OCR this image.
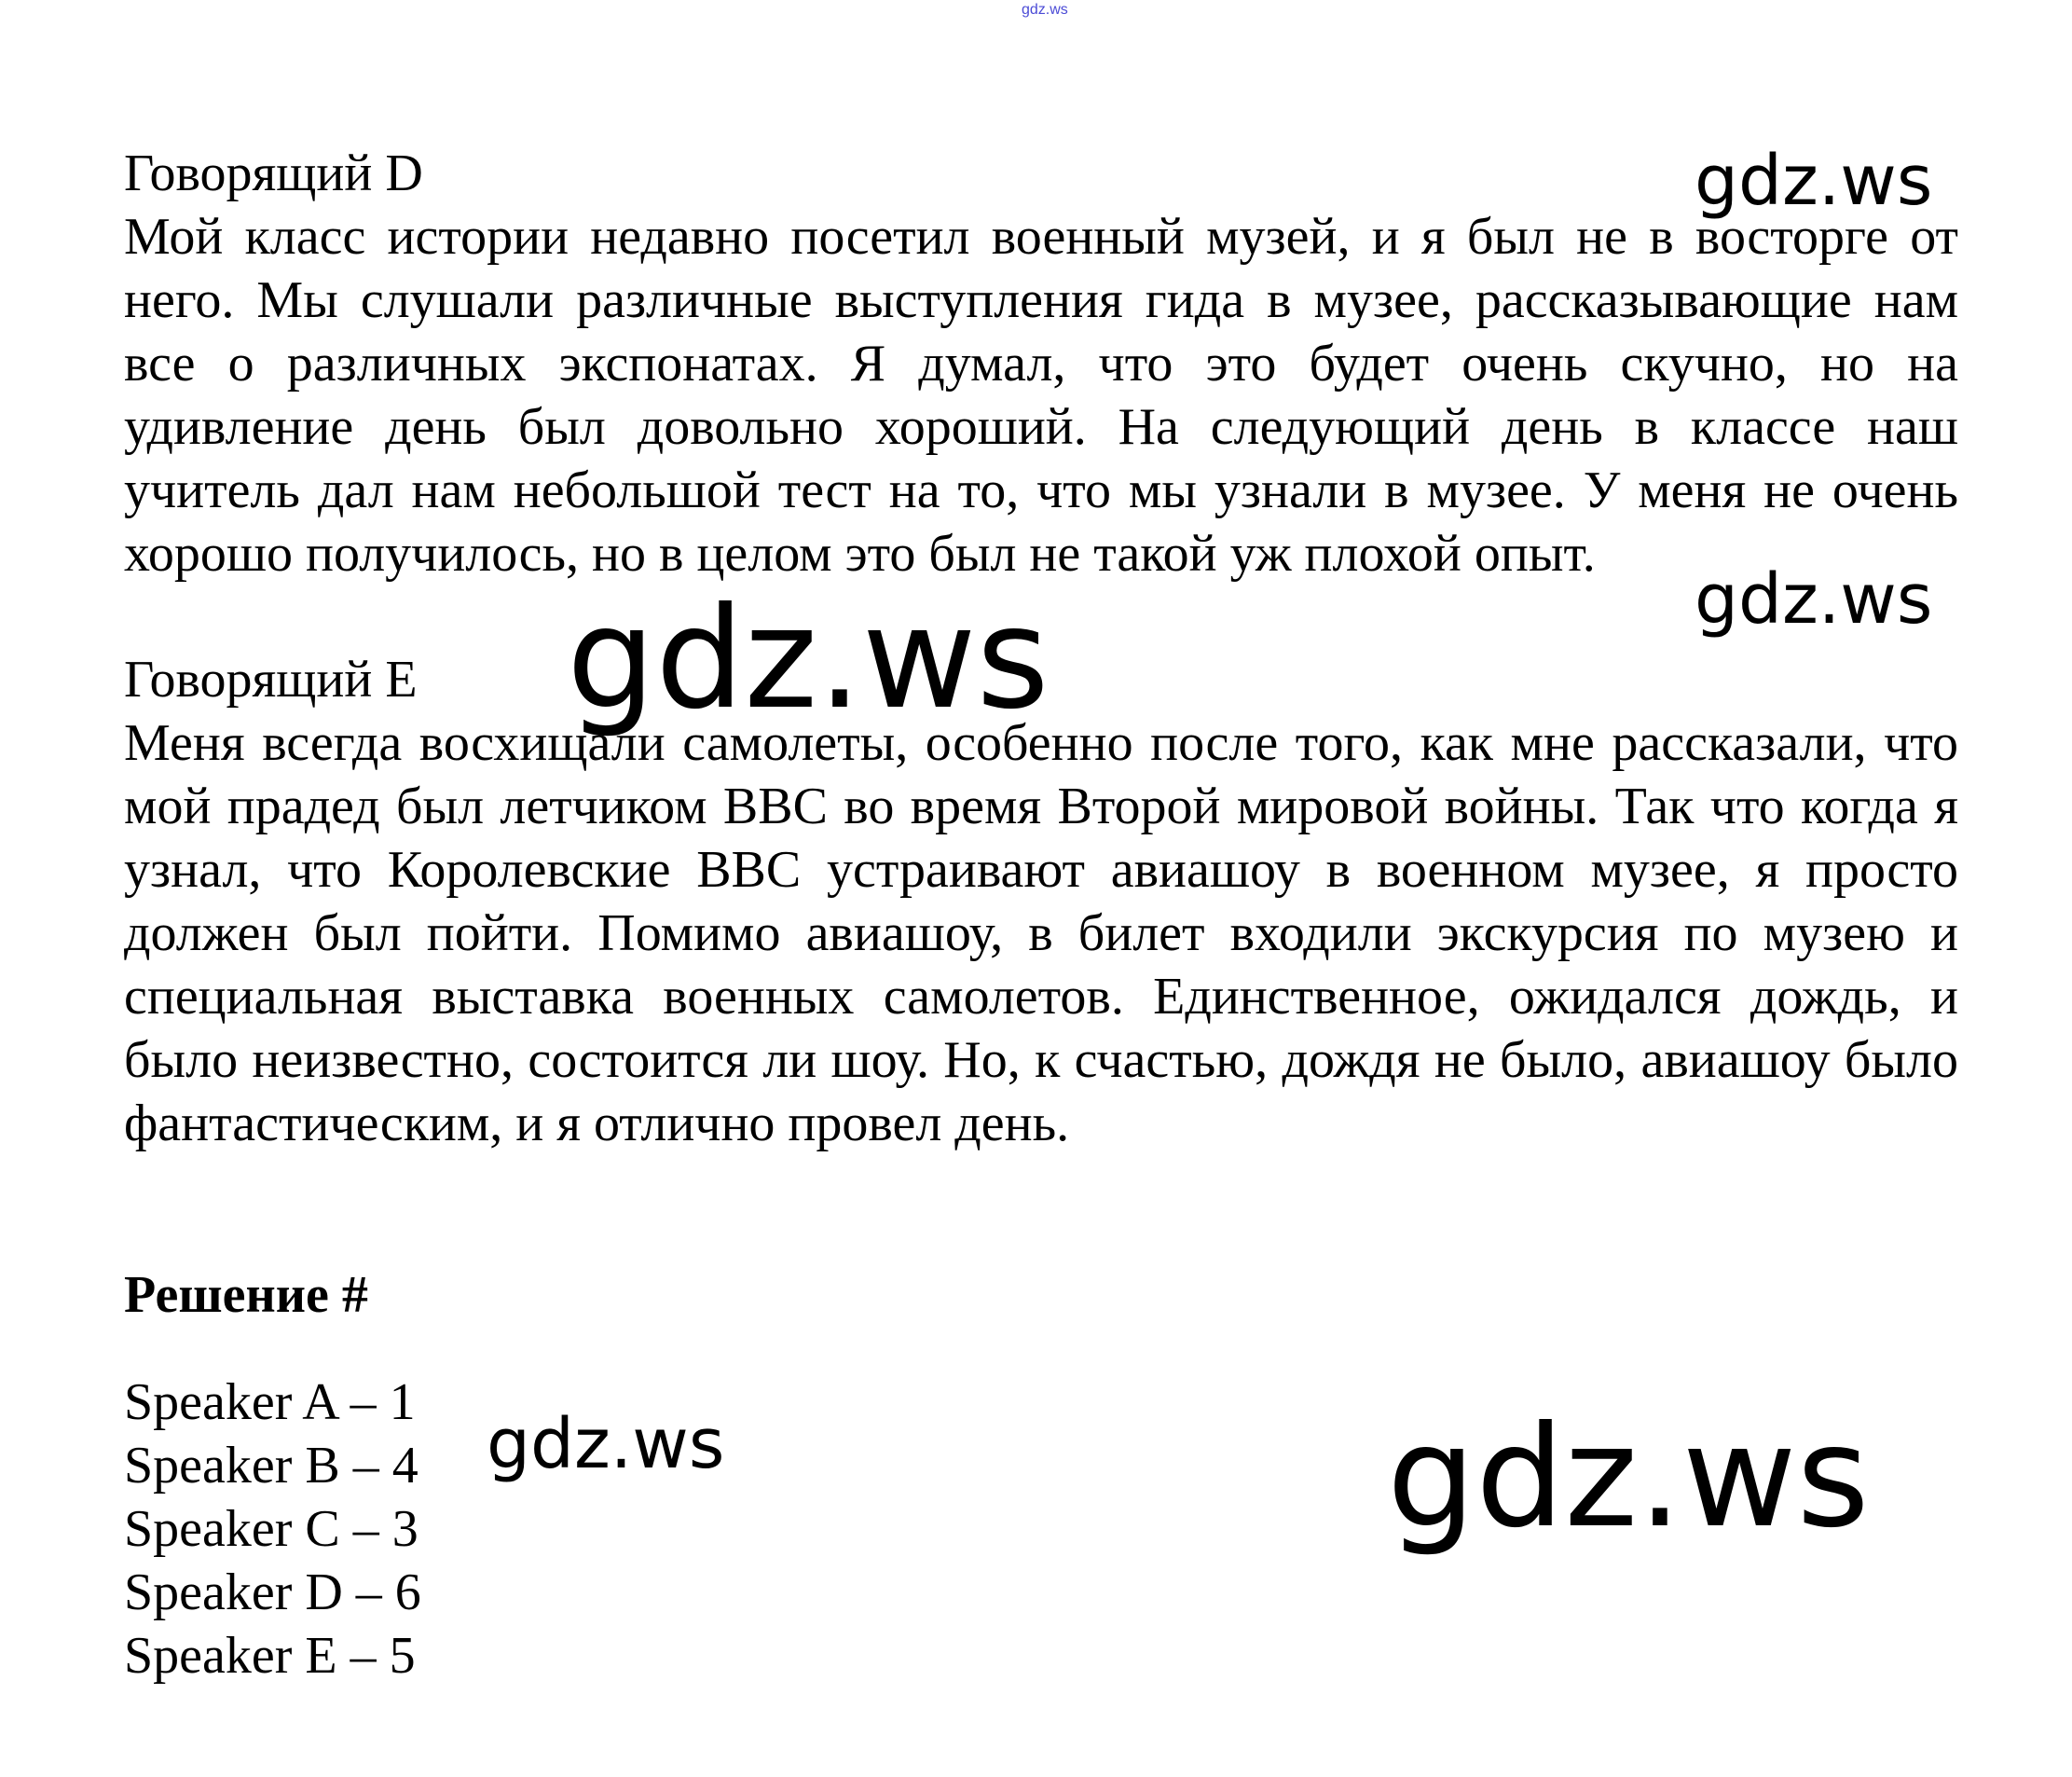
gdz.ws
Говорящий D

Мой класс истории недавно посетил военный музей, и я был не в восторге от него. Мы слушали различные выступления гида в музее, рассказывающие нам все о различных экспонатах. Я думал, что это будет очень скучно, но на удивление день был довольно хороший. На следующий день в классе наш учитель дал нам небольшой тест на то, что мы узнали в музее. У меня не очень хорошо получилось, но в целом это был не такой уж плохой опыт.

Говорящий E

Меня всегда восхищали самолеты, особенно после того, как мне рассказали, что мой прадед был летчиком ВВС во время Второй мировой войны. Так что когда я узнал, что Королевские ВВС устраивают авиашоу в военном музее, я просто должен был пойти. Помимо авиашоу, в билет входили экскурсия по музею и специальная выставка военных самолетов. Единственное, ожидался дождь, и было неизвестно, состоится ли шоу. Но, к счастью, дождя не было, авиашоу было фантастическим, и я отлично провел день.

Решение #
Speaker A – 1
Speaker B – 4
Speaker C – 3
Speaker D – 6
Speaker E – 5
gdz.ws
gdz.ws
gdz.ws
gdz.ws	gdz.ws
